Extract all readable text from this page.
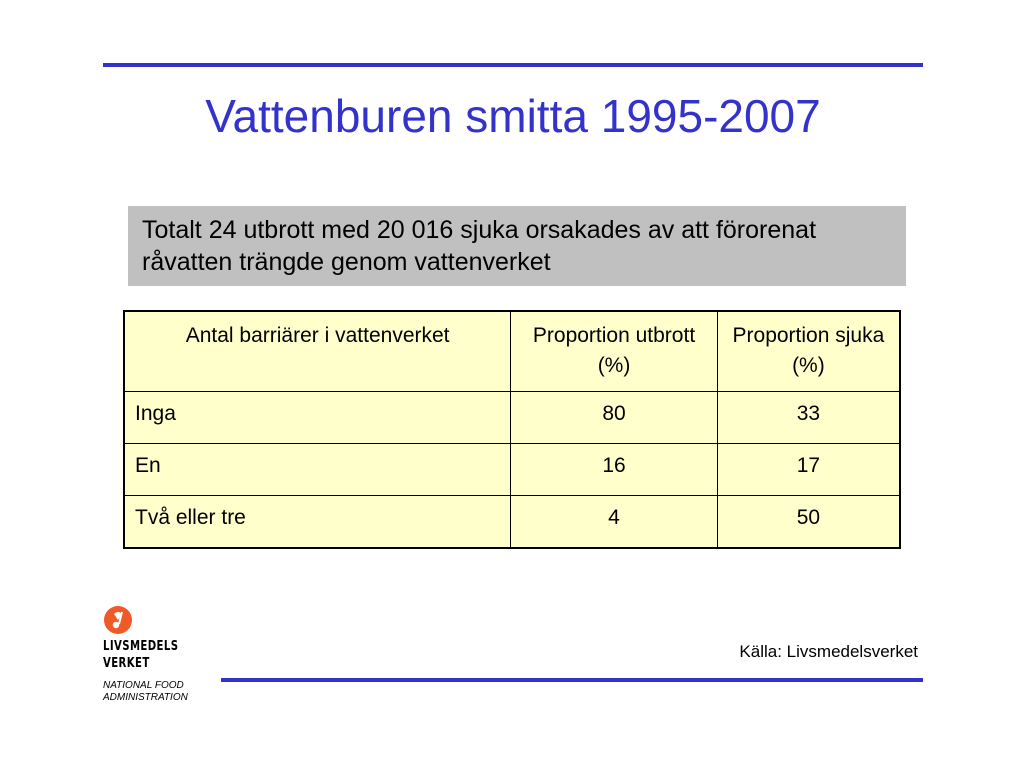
Vattenburen smitta 1995-2007
Totalt 24 utbrott med 20 016 sjuka orsakades av att förorenat råvatten trängde genom vattenverket
Antal barriärer i vattenverket	Proportion utbrott (%)	Proportion sjuka (%)
Inga	80	33
En	16	17
Två eller tre	4	50
Källa: Livsmedelsverket
LIVSMEDELS
VERKET
NATIONAL FOOD
ADMINISTRATION
